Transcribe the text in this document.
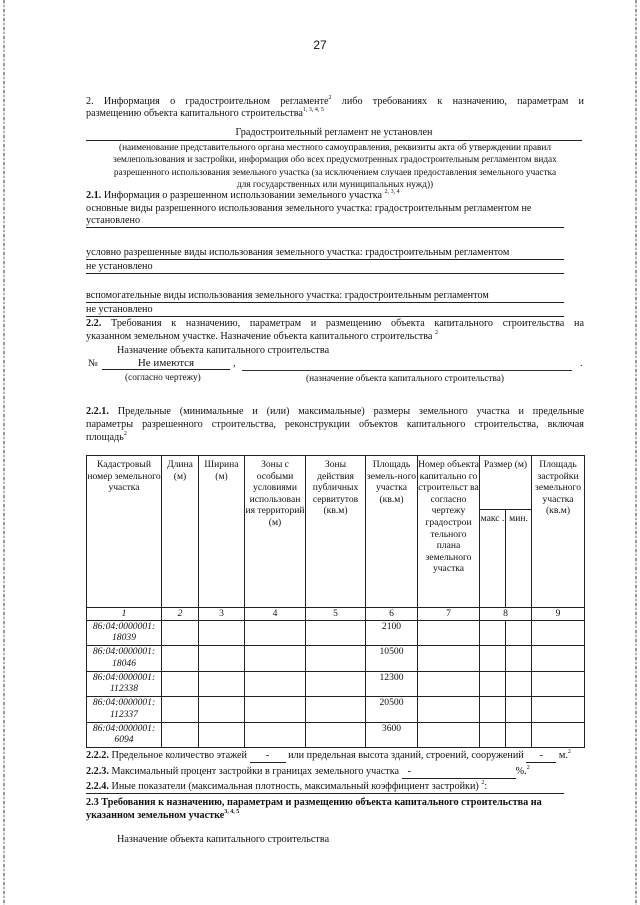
27
2. Информация о градостроительном регламенте$^2$ либо требованиях к назначению, параметрам и
размещению объекта капитального строительства$^{1, 3, 4, 5}$
Градостроительный регламент не установлен
(наименование представительного органа местного самоуправления, реквизиты акта об утверждении правил
землепользования и застройки, информация обо всех предусмотренных градостроительным регламентом видах
разрешенного использования земельного участка (за исключением случаев предоставления земельного участка
для государственных или муниципальных нужд))
2.1. Информация о разрешенном использовании земельного участка $^{2, 3, 4}$
основные виды разрешенного использования земельного участка: градостроительным регламентом не
установлено
условно разрешенные виды использования земельного участка: градостроительным регламентом
не установлено
вспомогательные виды использования земельного участка: градостроительным регламентом
не установлено
2.2. Требования к назначению, параметрам и размещению объекта капитального строительства на
указанном земельном участке. Назначение объекта капитального строительства $^2$
Назначение объекта капитального строительства
№	Не имеются	,	.
(согласно чертежу)	(назначение объекта капитального строительства)
2.2.1. Предельные (минимальные и (или) максимальные) размеры земельного участка и предельные
параметры разрешенного строительства, реконструкции объектов капитального строительства, включая
площадь$^2$
Кадастровый номер земельного участка	Длина (м)	Ширина (м)	Зоны с особыми условиями использован ия территорий (м)	Зоны действия публичных сервитутов (кв.м)	Площадь земель-ного участка (кв.м)	Номер объекта капитально го строительст ва согласно чертежу градострои тельного плана земельного участка	Размер (м)		Площадь застройки земельного участка (кв.м)
							макс .	мин.	
1	2	3	4	5	6	7	8		9
86:04:0000001: 18039					2100				
86:04:0000001: 18046					10500				
86:04:0000001: 112338					12300				
86:04:0000001: 112337					20500				
86:04:0000001: 6094					3600				
2.2.2. Предельное количество этажей - или предельная высота зданий, строений, сооружений - м.$^2$
2.2.3. Максимальный процент застройки в границах земельного участка -	%.$^2$
2.2.4. Иные показатели (максимальная плотность, максимальный коэффициент застройки) $^2$:
2.3 Требования к назначению, параметрам и размещению объекта капитального строительства на
указанном земельном участке$^{3, 4, 5}$
Назначение объекта капитального строительства
